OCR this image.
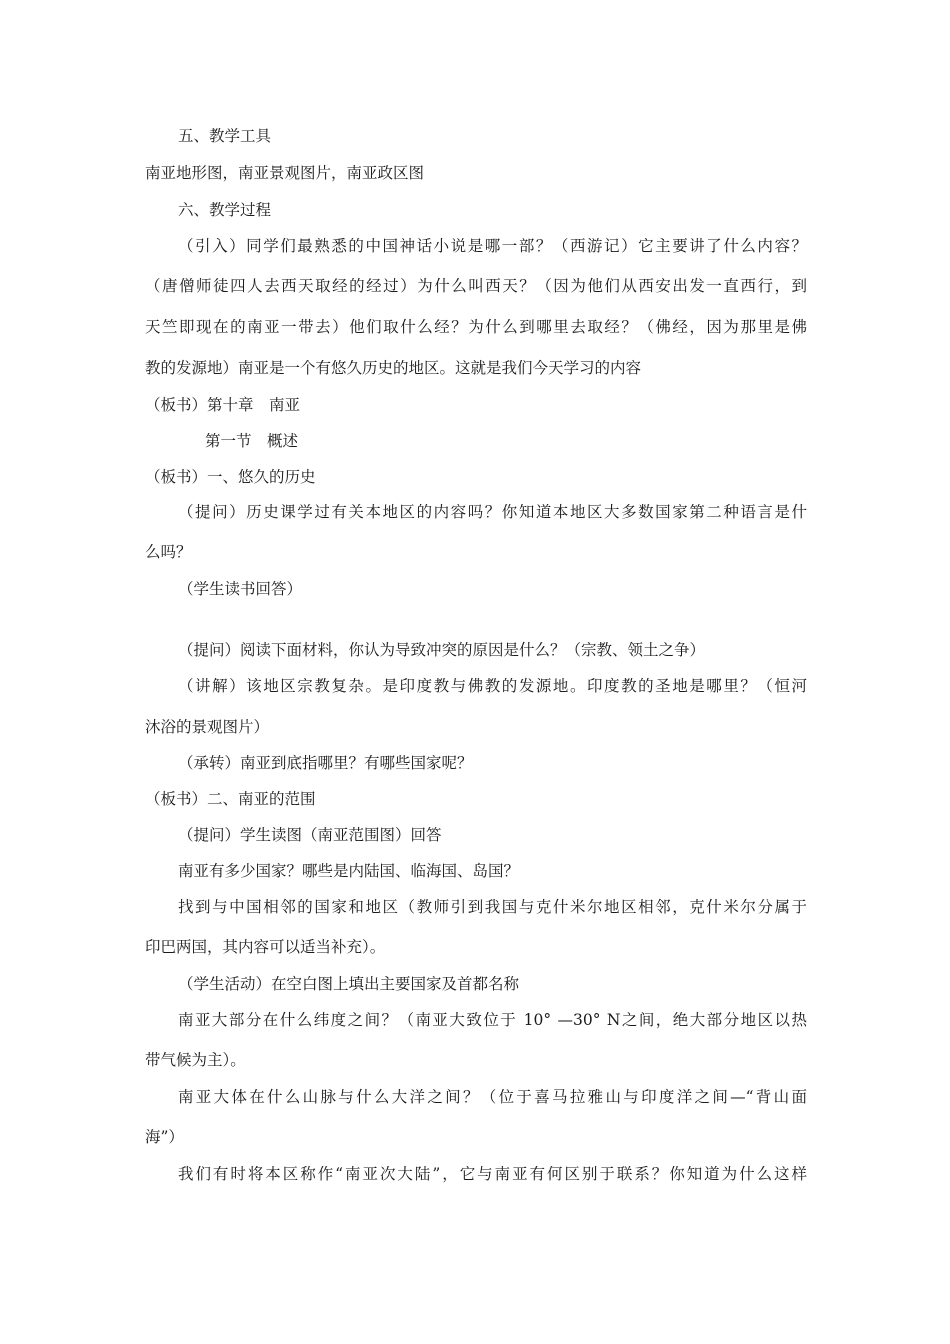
五、教学工具
南亚地形图，南亚景观图片，南亚政区图
六、教学过程
（引入）同学们最熟悉的中国神话小说是哪一部？（西游记）它主要讲了什么内容？
（唐僧师徒四人去西天取经的经过）为什么叫西天？（因为他们从西安出发一直西行，到
天竺即现在的南亚一带去）他们取什么经？为什么到哪里去取经？（佛经，因为那里是佛
教的发源地）南亚是一个有悠久历史的地区。这就是我们今天学习的内容
（板书）第十章　南亚
第一节　概述
（板书）一、悠久的历史
（提问）历史课学过有关本地区的内容吗？你知道本地区大多数国家第二种语言是什
么吗？
（学生读书回答）
（提问）阅读下面材料，你认为导致冲突的原因是什么？（宗教、领土之争）
（讲解）该地区宗教复杂。是印度教与佛教的发源地。印度教的圣地是哪里？（恒河
沐浴的景观图片）
（承转）南亚到底指哪里？有哪些国家呢？
（板书）二、南亚的范围
（提问）学生读图（南亚范围图）回答
南亚有多少国家？哪些是内陆国、临海国、岛国？
找到与中国相邻的国家和地区（教师引到我国与克什米尔地区相邻，克什米尔分属于
印巴两国，其内容可以适当补充）。
（学生活动）在空白图上填出主要国家及首都名称
南亚大部分在什么纬度之间？（南亚大致位于 10° —30° N之间，绝大部分地区以热
带气候为主）。
南亚大体在什么山脉与什么大洋之间？（位于喜马拉雅山与印度洋之间—“背山面
海”）
我们有时将本区称作“南亚次大陆”，它与南亚有何区别于联系？你知道为什么这样
